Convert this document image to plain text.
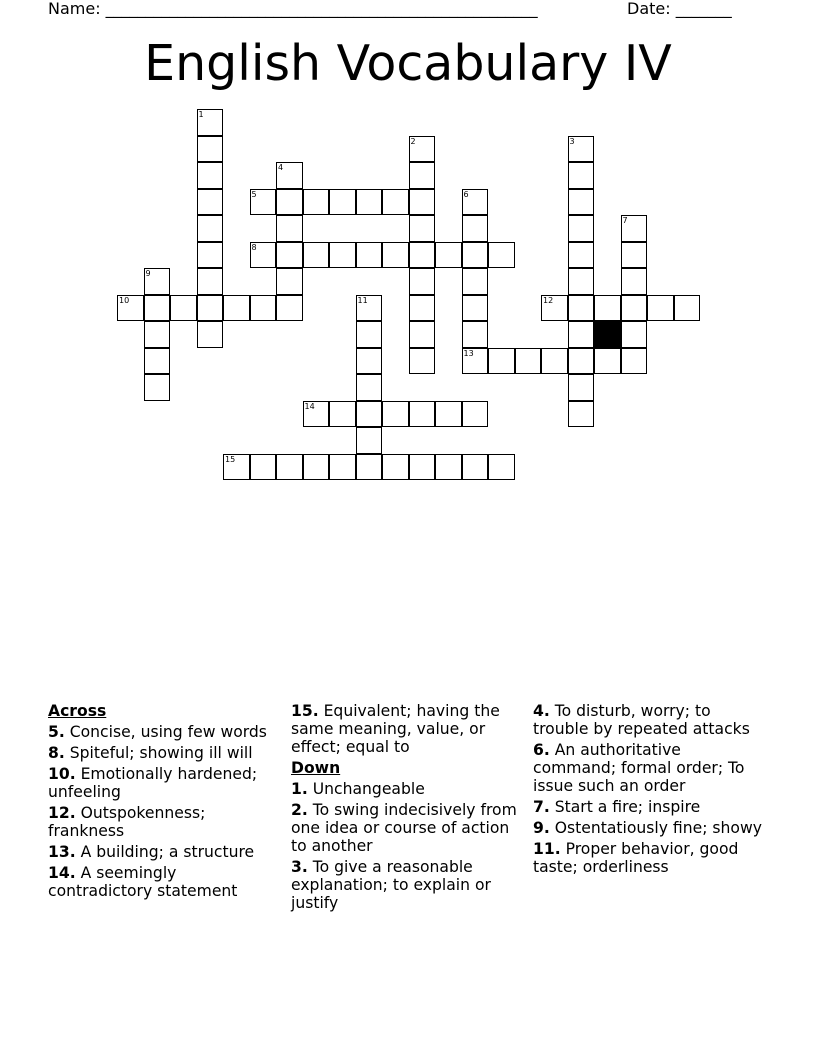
Name: ______________________________________________________	Date: _______
English Vocabulary IV
1
2	3
4
5	6
7
8
9
10	11	12
13
14
15
Across
5. Concise, using few words
8. Spiteful; showing ill will
10. Emotionally hardened; unfeeling
12. Outspokenness; frankness
13. A building; a structure
14. A seemingly contradictory statement
15. Equivalent; having the same meaning, value, or effect; equal to
Down
1. Unchangeable
2. To swing indecisively from one idea or course of action to another
3. To give a reasonable explanation; to explain or justify
4. To disturb, worry; to trouble by repeated attacks
6. An authoritative command; formal order; To issue such an order
7. Start a fire; inspire
9. Ostentatiously fine; showy
11. Proper behavior, good taste; orderliness
